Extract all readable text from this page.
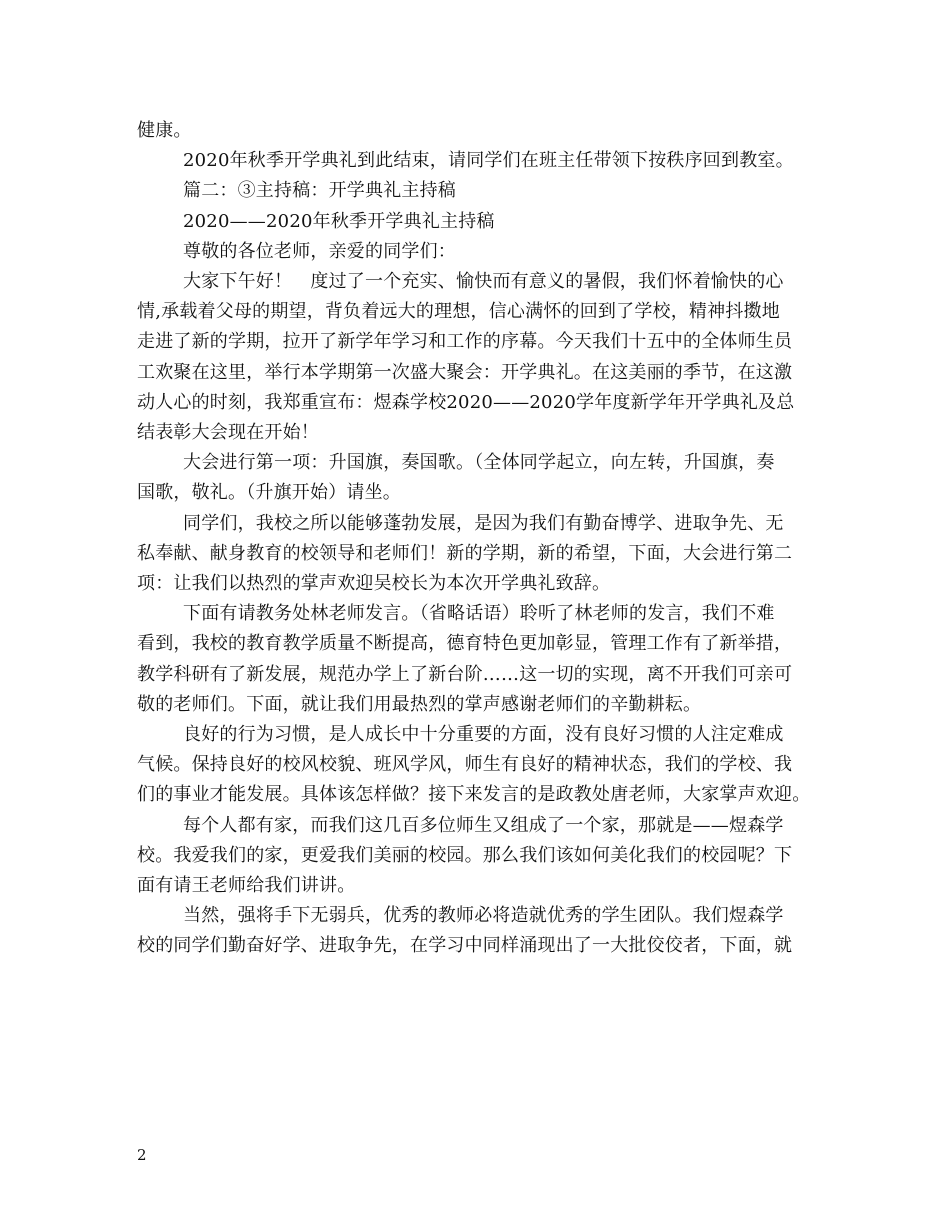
健康。
2020年秋季开学典礼到此结束，请同学们在班主任带领下按秩序回到教室。
篇二：③主持稿：开学典礼主持稿
2020——2020年秋季开学典礼主持稿
尊敬的各位老师，亲爱的同学们：
大家下午好！　度过了一个充实、愉快而有意义的暑假，我们怀着愉快的心
情,承载着父母的期望，背负着远大的理想，信心满怀的回到了学校，精神抖擞地
走进了新的学期，拉开了新学年学习和工作的序幕。今天我们十五中的全体师生员
工欢聚在这里，举行本学期第一次盛大聚会：开学典礼。在这美丽的季节，在这激
动人心的时刻，我郑重宣布：煜森学校2020——2020学年度新学年开学典礼及总
结表彰大会现在开始！
大会进行第一项：升国旗，奏国歌。（全体同学起立，向左转，升国旗，奏
国歌，敬礼。（升旗开始）请坐。
同学们，我校之所以能够蓬勃发展，是因为我们有勤奋博学、进取争先、无
私奉献、献身教育的校领导和老师们！新的学期，新的希望，下面，大会进行第二
项：让我们以热烈的掌声欢迎吴校长为本次开学典礼致辞。
下面有请教务处林老师发言。（省略话语）聆听了林老师的发言，我们不难
看到，我校的教育教学质量不断提高，德育特色更加彰显，管理工作有了新举措，
教学科研有了新发展，规范办学上了新台阶……这一切的实现，离不开我们可亲可
敬的老师们。下面，就让我们用最热烈的掌声感谢老师们的辛勤耕耘。
良好的行为习惯，是人成长中十分重要的方面，没有良好习惯的人注定难成
气候。保持良好的校风校貌、班风学风，师生有良好的精神状态，我们的学校、我
们的事业才能发展。具体该怎样做？接下来发言的是政教处唐老师，大家掌声欢迎。
每个人都有家，而我们这几百多位师生又组成了一个家，那就是——煜森学
校。我爱我们的家，更爱我们美丽的校园。那么我们该如何美化我们的校园呢？下
面有请王老师给我们讲讲。
当然，强将手下无弱兵，优秀的教师必将造就优秀的学生团队。我们煜森学
校的同学们勤奋好学、进取争先，在学习中同样涌现出了一大批佼佼者，下面，就
2
